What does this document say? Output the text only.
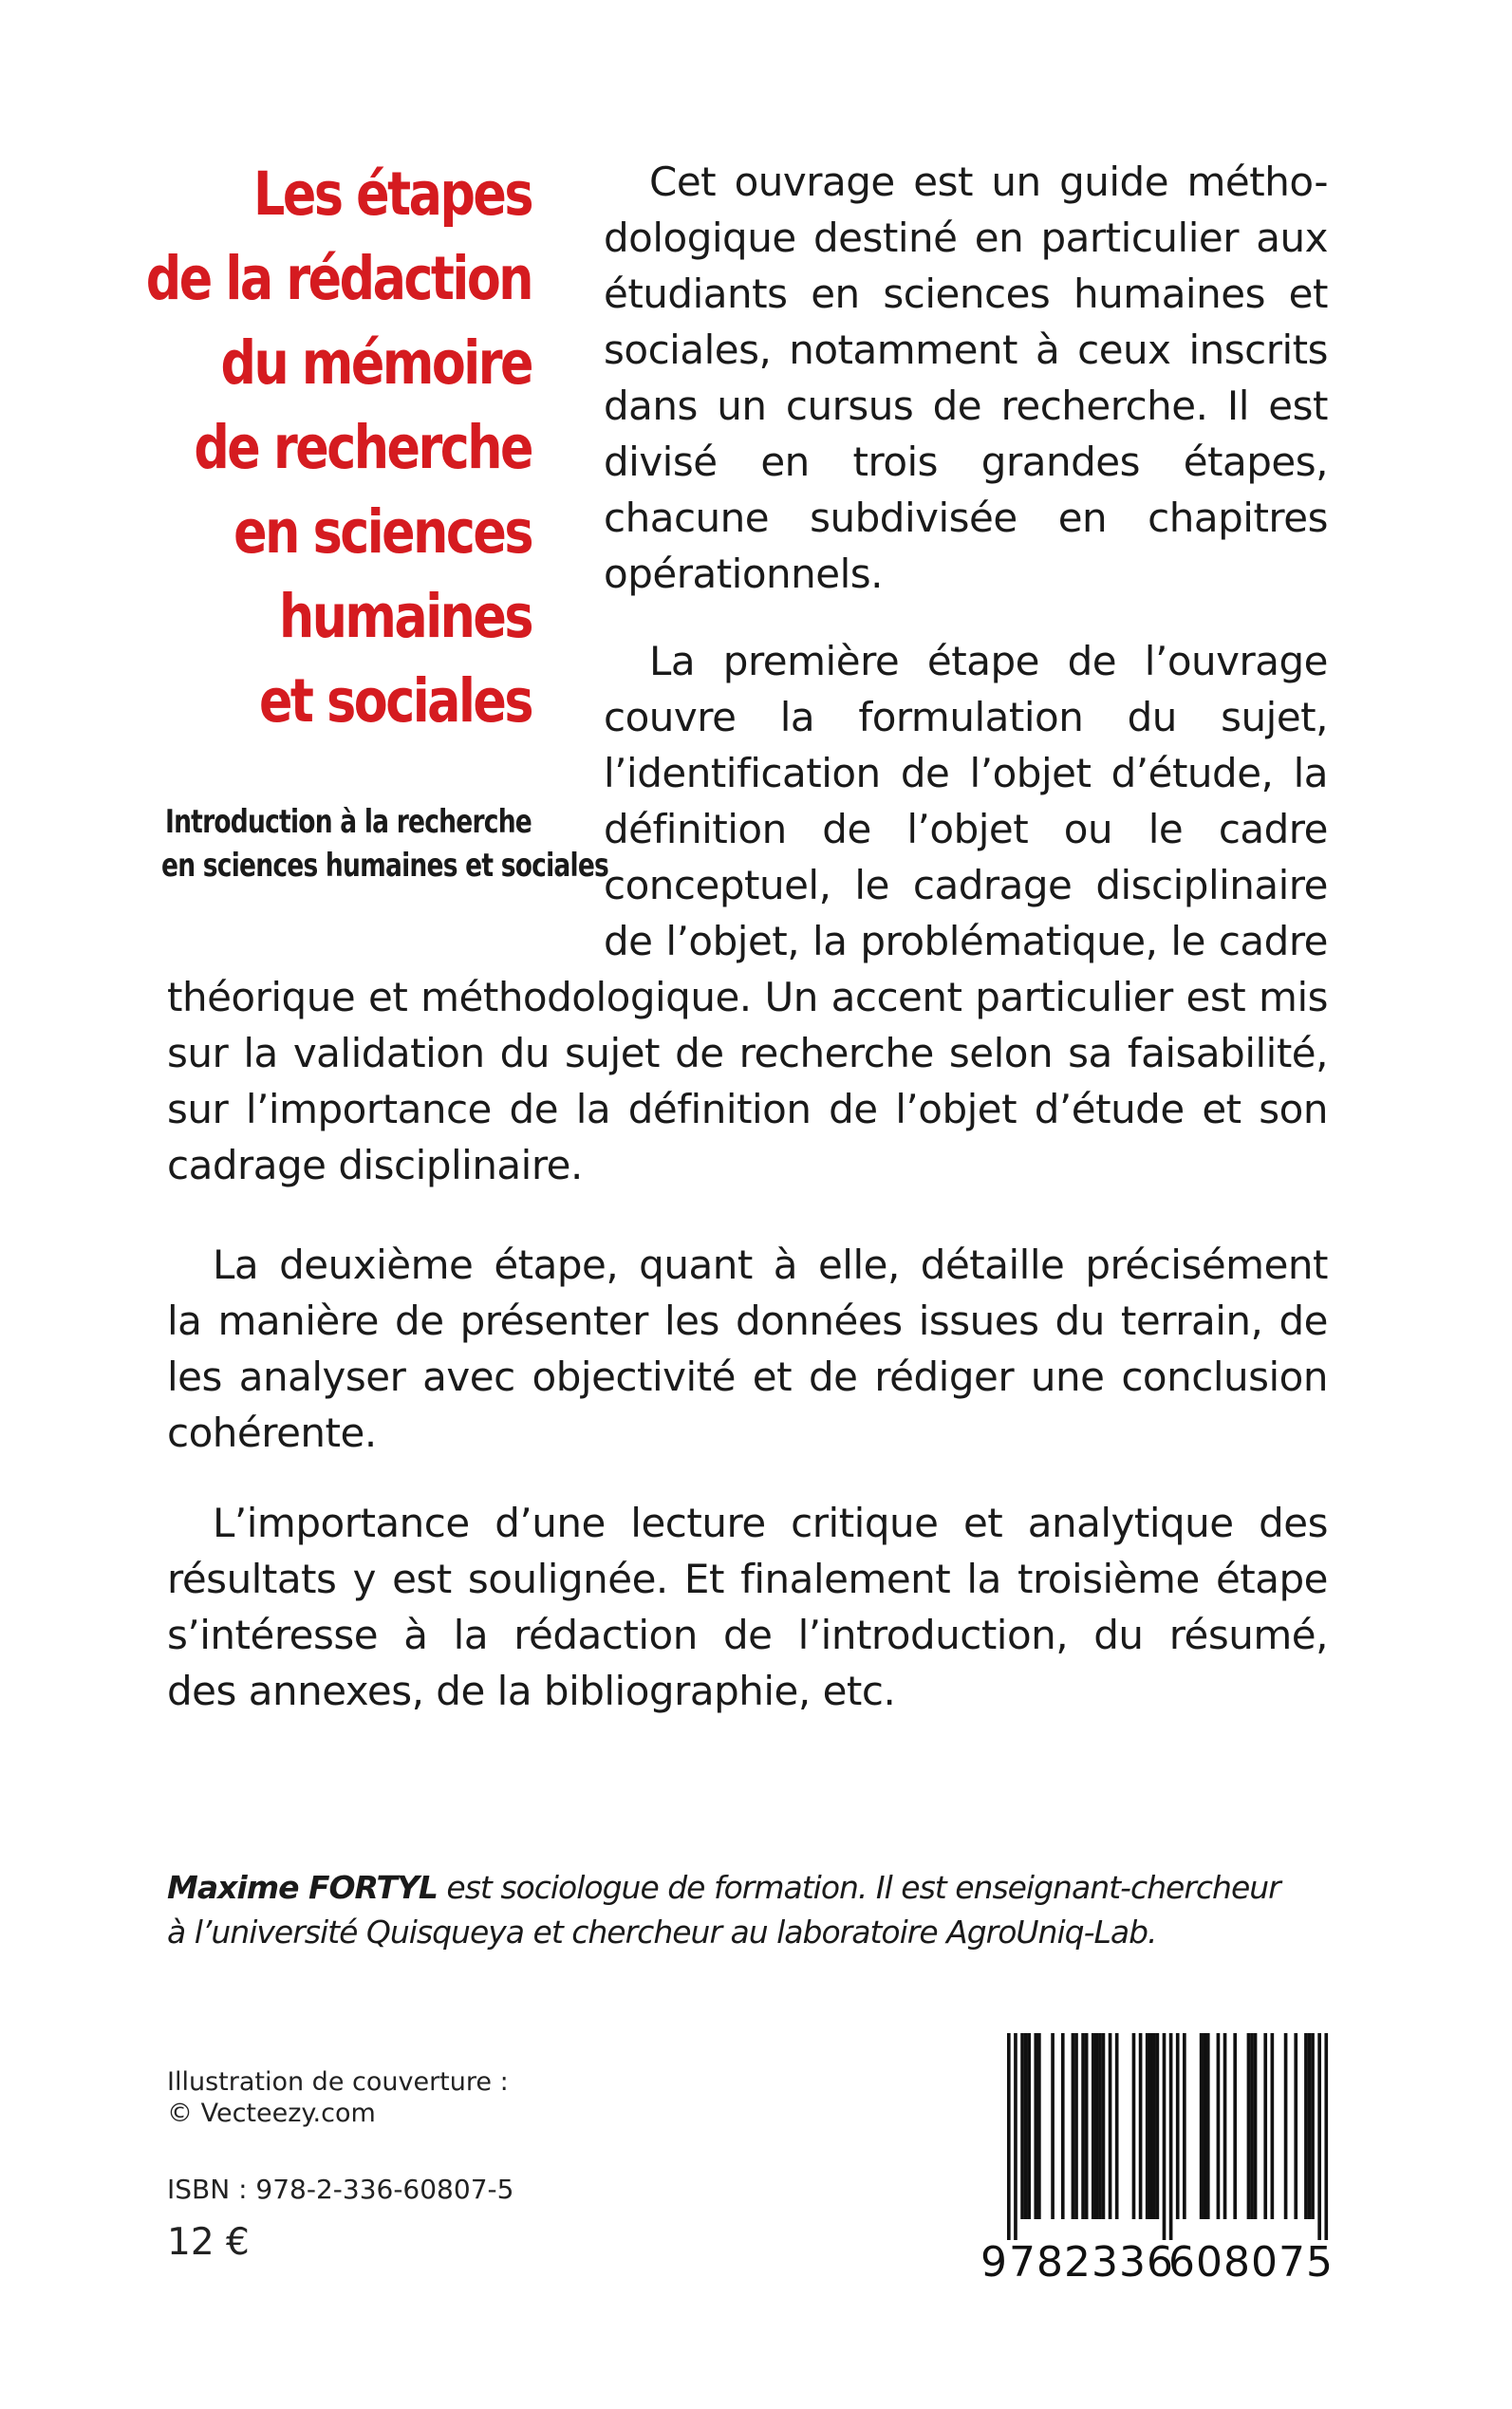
Les étapes
de la rédaction
du mémoire
de recherche
en sciences
humaines
et sociales
Introduction à la recherche
en sciences humaines et sociales
Cet ouvrage est un guide métho-
dologique destiné en particulier aux
étudiants en sciences humaines et
sociales, notamment à ceux inscrits
dans un cursus de recherche. Il est
divisé en trois grandes étapes,
chacune subdivisée en chapitres
opérationnels.
La première étape de l’ouvrage
couvre la formulation du sujet,
l’identification de l’objet d’étude, la
définition de l’objet ou le cadre
conceptuel, le cadrage disciplinaire
de l’objet, la problématique, le cadre
théorique et méthodologique. Un accent particulier est mis
sur la validation du sujet de recherche selon sa faisabilité,
sur l’importance de la définition de l’objet d’étude et son
cadrage disciplinaire.
La deuxième étape, quant à elle, détaille précisément
la manière de présenter les données issues du terrain, de
les analyser avec objectivité et de rédiger une conclusion
cohérente.
L’importance d’une lecture critique et analytique des
résultats y est soulignée. Et finalement la troisième étape
s’intéresse à la rédaction de l’introduction, du résumé,
des annexes, de la bibliographie, etc.
Maxime FORTYL est sociologue de formation. Il est enseignant-chercheur
à l’université Quisqueya et chercheur au laboratoire AgroUniq-Lab.
Illustration de couverture :
© Vecteezy.com
ISBN : 978-2-336-60807-5
12 €	9 782336
608075
